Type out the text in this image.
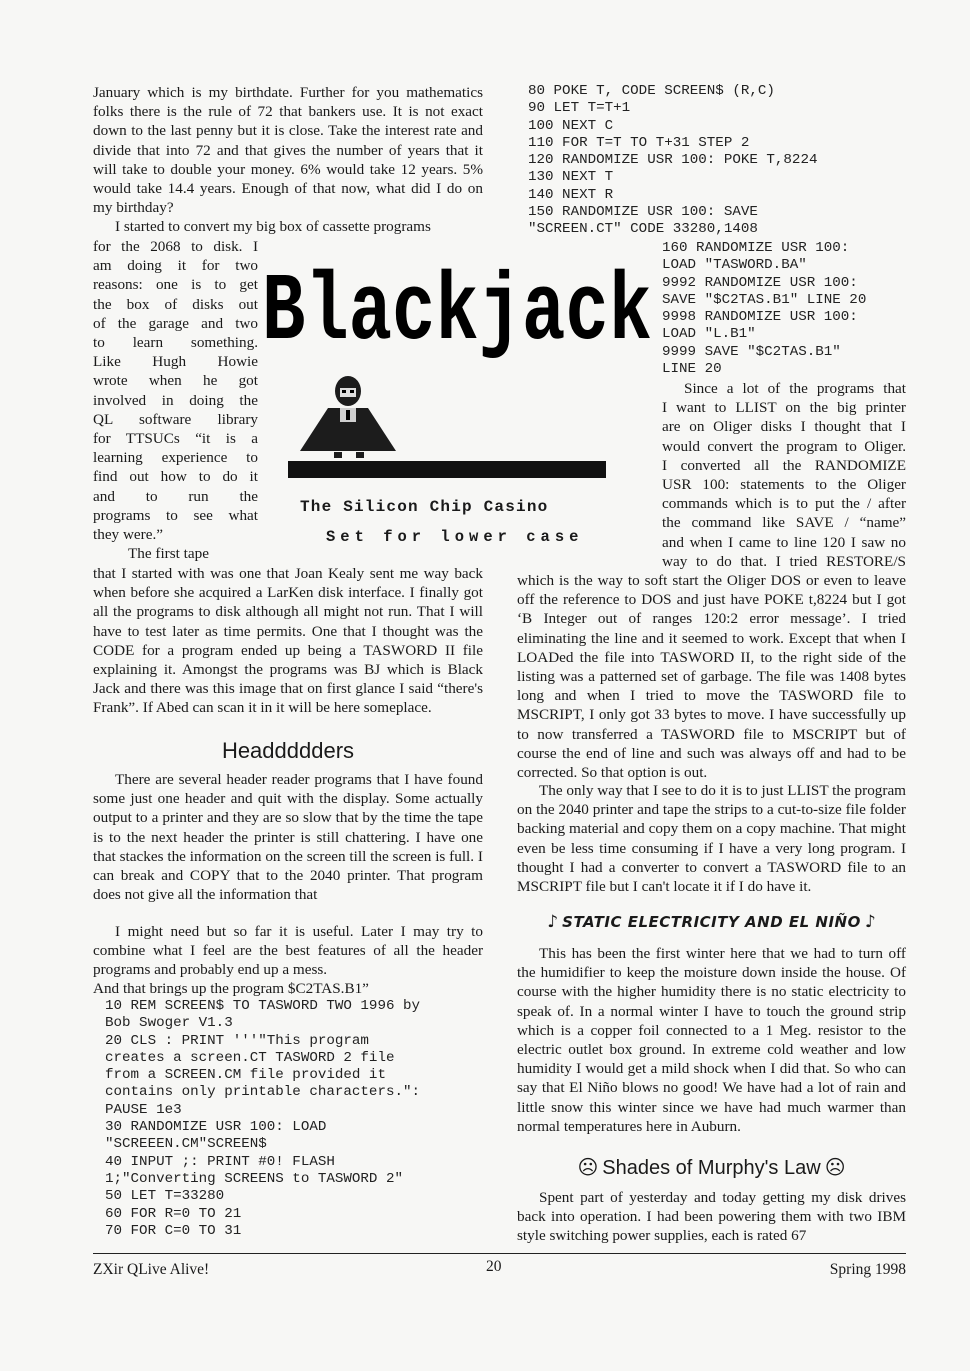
January which is my birthdate. Further for you mathematics folks there is the rule of 72 that bankers use. It is not exact down to the last penny but it is close. Take the interest rate and divide that into 72 and that gives the number of years that it will take to double your money. 6% would take 12 years. 5% would take 14.4 years. Enough of that now, what did I do on my birthday?
I started to convert my big box of cassette programs
for the 2068 to disk. I
am doing it for two
reasons: one is to get
the box of disks out
of the garage and two
to learn something.
Like Hugh Howie
wrote when he got
involved in doing the
QL software library
for TTSUCs “it is a
learning experience to
find out how to do it
and to run the
programs to see what
they were.”
The first tape
that I started with was one that Joan Kealy sent me way back when before she acquired a LarKen disk interface. I finally got all the programs to disk although all might not run. That I will have to test later as time permits. One that I thought was the CODE for a program ended up being a TASWORD II file explaining it. Amongst the programs was BJ which is Black Jack and there was this image that on first glance I said “there's Frank”. If Abed can scan it in it will be here someplace.
Headdddders
There are several header reader programs that I have found some just one header and quit with the display. Some actually output to a printer and they are so slow that by the time the tape is to the next header the printer is still chattering. I have one that stackes the information on the screen till the screen is full. I can break and COPY that to the 2040 printer. That program does not give all the information that
I might need but so far it is useful. Later I may try to combine what I feel are the best features of all the header programs and probably end up a mess.
And that brings up the program $C2TAS.B1”
10 REM SCREEN$ TO TASWORD TWO 1996 by
Bob Swoger V1.3
20 CLS : PRINT '''"This program
creates a screen.CT TASWORD 2 file
from a SCREEN.CM file provided it
contains only printable characters.":
PAUSE 1e3
30 RANDOMIZE USR 100: LOAD
"SCREEEN.CM"SCREEN$
40 INPUT ;: PRINT #0! FLASH
1;"Converting SCREENS to TASWORD 2"
50 LET T=33280
60 FOR R=0 TO 21
70 FOR C=0 TO 31
80 POKE T, CODE SCREEN$ (R,C)
90 LET T=T+1
100 NEXT C
110 FOR T=T TO T+31 STEP 2
120 RANDOMIZE USR 100: POKE T,8224
130 NEXT T
140 NEXT R
150 RANDOMIZE USR 100: SAVE
"SCREEN.CT" CODE 33280,1408
160 RANDOMIZE USR 100:
LOAD "TASWORD.BA"
9992 RANDOMIZE USR 100:
SAVE "$C2TAS.B1" LINE 20
9998 RANDOMIZE USR 100:
LOAD "L.B1"
9999 SAVE "$C2TAS.B1"
LINE 20
Since a lot of the programs that
I want to LLIST on the big printer
are on Oliger disks I thought that I
would convert the program to Oliger.
I converted all the RANDOMIZE
USR 100: statements to the Oliger
commands which is to put the / after
the command like SAVE / “name”
and when I came to line 120 I saw no
way to do that. I tried RESTORE/S
which is the way to soft start the Oliger DOS or even to leave off the reference to DOS and just have POKE t,8224 but I got ‘B Integer out of ranges 120:2 error message’. I tried eliminating the line and it seemed to work. Except that when I LOADed the file into TASWORD II, to the right side of the listing was a patterned set of garbage. The file was 1408 bytes long and when I tried to move the TASWORD file to MSCRIPT, I only got 33 bytes to move. I have successfully up to now transferred a TASWORD file to MSCRIPT but of course the end of line and such was always off and had to be corrected. So that option is out.
The only way that I see to do it is to just LLIST the program on the 2040 printer and tape the strips to a cut-to-size file folder backing material and copy them on a copy machine. That might even be less time consuming if I have a very long program. I thought I had a converter to convert a TASWORD file to an MSCRIPT file but I can't locate it if I do have it.
♪ STATIC ELECTRICITY AND EL NIÑO ♪
This has been the first winter here that we had to turn off the humidifier to keep the moisture down inside the house. Of course with the higher humidity there is no static electricity to speak of. In a normal winter I have to touch the ground strip which is a copper foil connected to a 1 Meg. resistor to the electric outlet box ground. In extreme cold weather and low humidity I would get a mild shock when I did that. So who can say that El Niño blows no good! We have had a lot of rain and little snow this winter since we have had much warmer than normal temperatures here in Auburn.
☹ Shades of Murphy's Law ☹
Spent part of yesterday and today getting my disk drives back into operation. I had been powering them with two IBM style switching power supplies, each is rated 67
Blackjack
The Silicon Chip Casino
Set for lower case
ZXir QLive Alive!	20	Spring 1998
